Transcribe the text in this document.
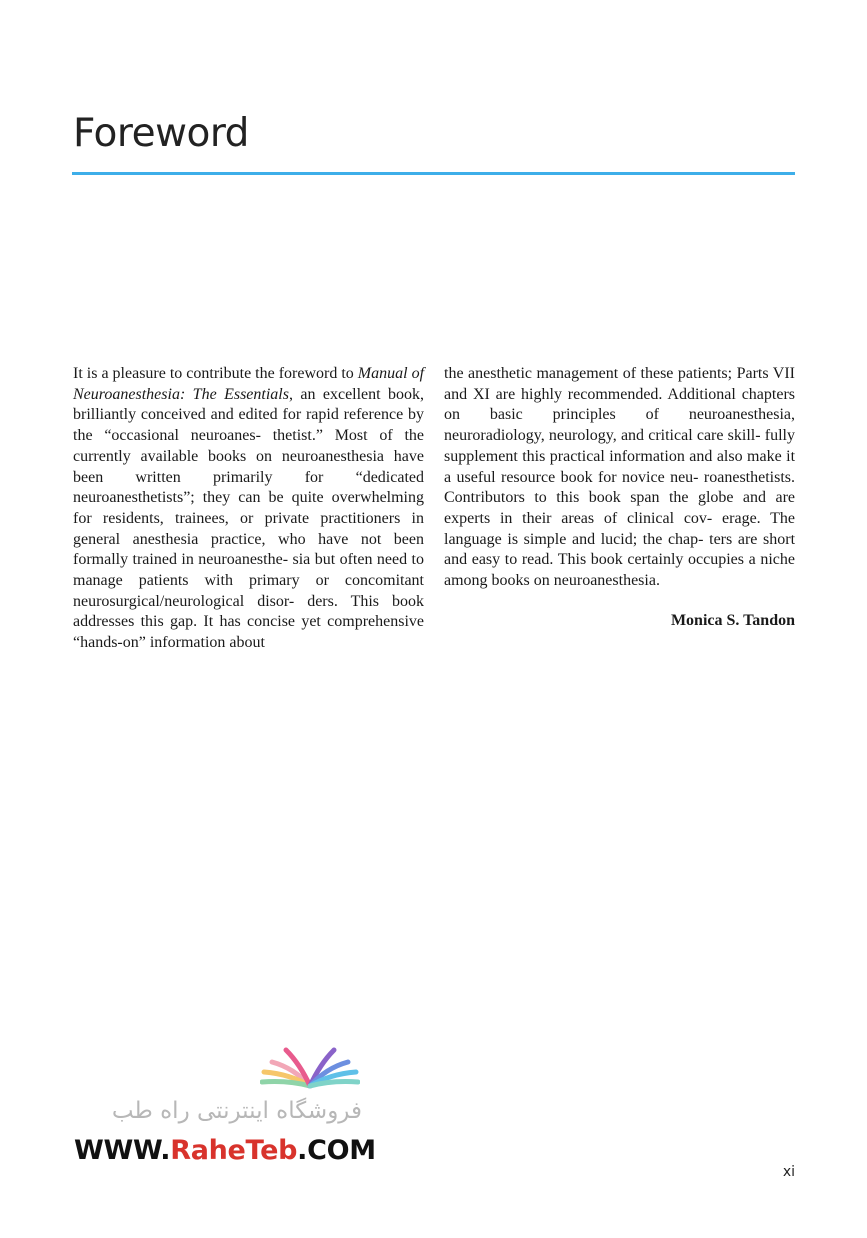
Foreword

It is a pleasure to contribute the foreword to Manual of Neuroanesthesia: The Essentials, an excellent book, brilliantly conceived and edited for rapid reference by the “occasional neuroanes- thetist.” Most of the currently available books on neuroanesthesia have been written primarily for “dedicated neuroanesthetists”; they can be quite overwhelming for residents, trainees, or private practitioners in general anesthesia practice, who have not been formally trained in neuroanesthe- sia but often need to manage patients with primary or concomitant neurosurgical/neurological disor- ders. This book addresses this gap. It has concise yet comprehensive “hands-on” information about

the anesthetic management of these patients; Parts VII and XI are highly recommended. Additional chapters on basic principles of neuroanesthesia, neuroradiology, neurology, and critical care skill- fully supplement this practical information and also make it a useful resource book for novice neu- roanesthetists. Contributors to this book span the globe and are experts in their areas of clinical cov- erage. The language is simple and lucid; the chap- ters are short and easy to read. This book certainly occupies a niche among books on neuroanesthesia.

Monica S. Tandon

فروشگاه اینترنتی راه طب
WWW.RaheTeb.COM
xi
